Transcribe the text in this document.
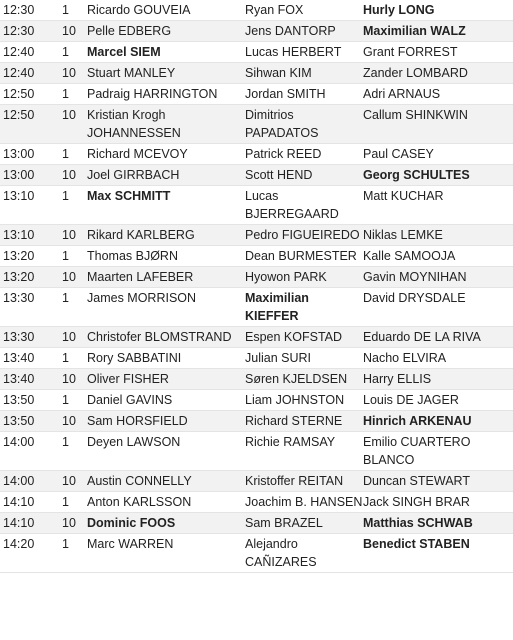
12:30	1	Ricardo GOUVEIA	Ryan FOX	Hurly LONG
12:30	10	Pelle EDBERG	Jens DANTORP	Maximilian WALZ
12:40	1	Marcel SIEM	Lucas HERBERT	Grant FORREST
12:40	10	Stuart MANLEY	Sihwan KIM	Zander LOMBARD
12:50	1	Padraig HARRINGTON	Jordan SMITH	Adri ARNAUS
12:50	10	Kristian Krogh JOHANNESSEN	Dimitrios PAPADATOS	Callum SHINKWIN
13:00	1	Richard MCEVOY	Patrick REED	Paul CASEY
13:00	10	Joel GIRRBACH	Scott HEND	Georg SCHULTES
13:10	1	Max SCHMITT	Lucas BJERREGAARD	Matt KUCHAR
13:10	10	Rikard KARLBERG	Pedro FIGUEIREDO	Niklas LEMKE
13:20	1	Thomas BJØRN	Dean BURMESTER	Kalle SAMOOJA
13:20	10	Maarten LAFEBER	Hyowon PARK	Gavin MOYNIHAN
13:30	1	James MORRISON	Maximilian KIEFFER	David DRYSDALE
13:30	10	Christofer BLOMSTRAND	Espen KOFSTAD	Eduardo DE LA RIVA
13:40	1	Rory SABBATINI	Julian SURI	Nacho ELVIRA
13:40	10	Oliver FISHER	Søren KJELDSEN	Harry ELLIS
13:50	1	Daniel GAVINS	Liam JOHNSTON	Louis DE JAGER
13:50	10	Sam HORSFIELD	Richard STERNE	Hinrich ARKENAU
14:00	1	Deyen LAWSON	Richie RAMSAY	Emilio CUARTERO BLANCO
14:00	10	Austin CONNELLY	Kristoffer REITAN	Duncan STEWART
14:10	1	Anton KARLSSON	Joachim B. HANSEN	Jack SINGH BRAR
14:10	10	Dominic FOOS	Sam BRAZEL	Matthias SCHWAB
14:20	1	Marc WARREN	Alejandro CAÑIZARES	Benedict STABEN
